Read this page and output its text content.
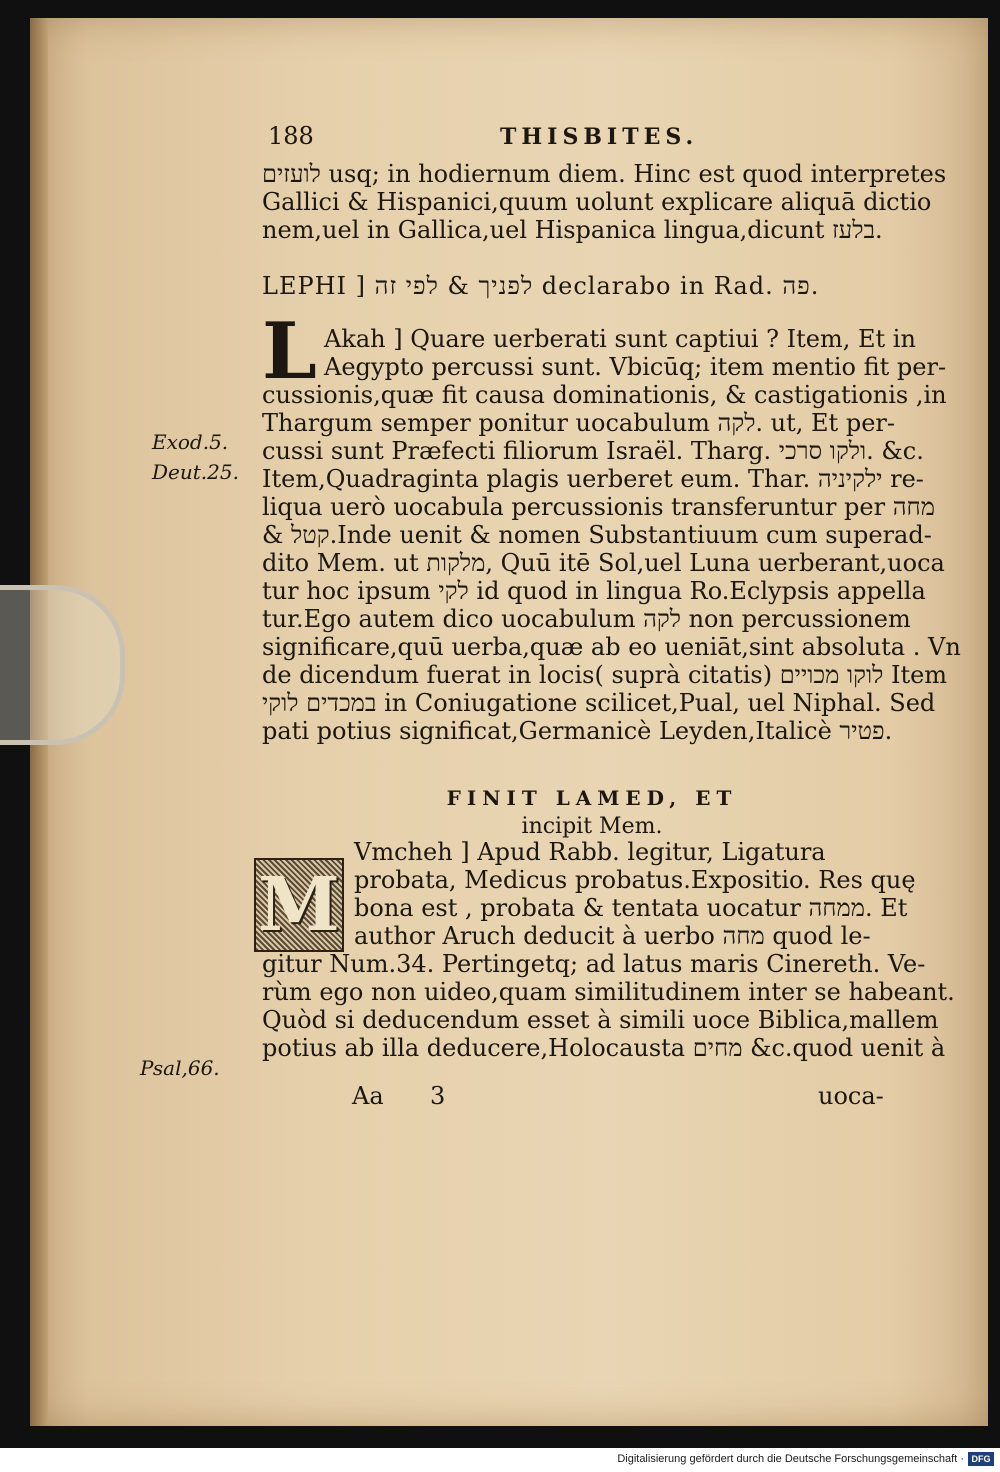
188	THISBITES.
לועזים usq; in hodiernum diem. Hinc est quod interpretes
Gallici & Hispanici,quum uolunt explicare aliquā dictio
nem,uel in Gallica,uel Hispanica lingua,dicunt בלעז.
LEPHI ] לפניך & לפי זה declarabo in Rad. פה.
L Akah ] Quare uerberati sunt captiui ? Item, Et in
Aegypto percussi sunt. Vbicūq; item mentio fit per-
cussionis,quæ fit causa dominationis, & castigationis ,in
Thargum semper ponitur uocabulum לקה. ut, Et per-
cussi sunt Præfecti filiorum Israël. Tharg. ולקו סרכי. &c.
Item,Quadraginta plagis uerberet eum. Thar. ילקיניה re-
liqua uerò uocabula percussionis transferuntur per מחה
& קטל.Inde uenit & nomen Substantiuum cum superad-
dito Mem. ut מלקות, Quū itē Sol,uel Luna uerberant,uoca
tur hoc ipsum לקי id quod in lingua Ro.Eclypsis appella
tur.Ego autem dico uocabulum לקה non percussionem
significare,quū uerba,quæ ab eo ueniāt,sint absoluta . Vn
de dicendum fuerat in locis( suprà citatis) לוקו מכויים Item
במכדים לוקי in Coniugatione scilicet,Pual, uel Niphal. Sed
pati potius significat,Germanicè Leyden,Italicè פטיר.
Exod.5.
Deut.25.
FINIT LAMED, ET
incipit Mem.
M
Vmcheh ] Apud Rabb. legitur, Ligatura
probata, Medicus probatus.Expositio. Res quę
bona est , probata & tentata uocatur ממחה. Et
author Aruch deducit à uerbo מחה quod le-
gitur Num.34. Pertingetq; ad latus maris Cinereth. Ve-
rùm ego non uideo,quam similitudinem inter se habeant.
Quòd si deducendum esset à simili uoce Biblica,mallem
potius ab illa deducere,Holocausta מחים &c.quod uenit à
Psal,66.
Aa 3	uoca-
Digitalisierung gefördert durch die Deutsche Forschungsgemeinschaft · DFG
